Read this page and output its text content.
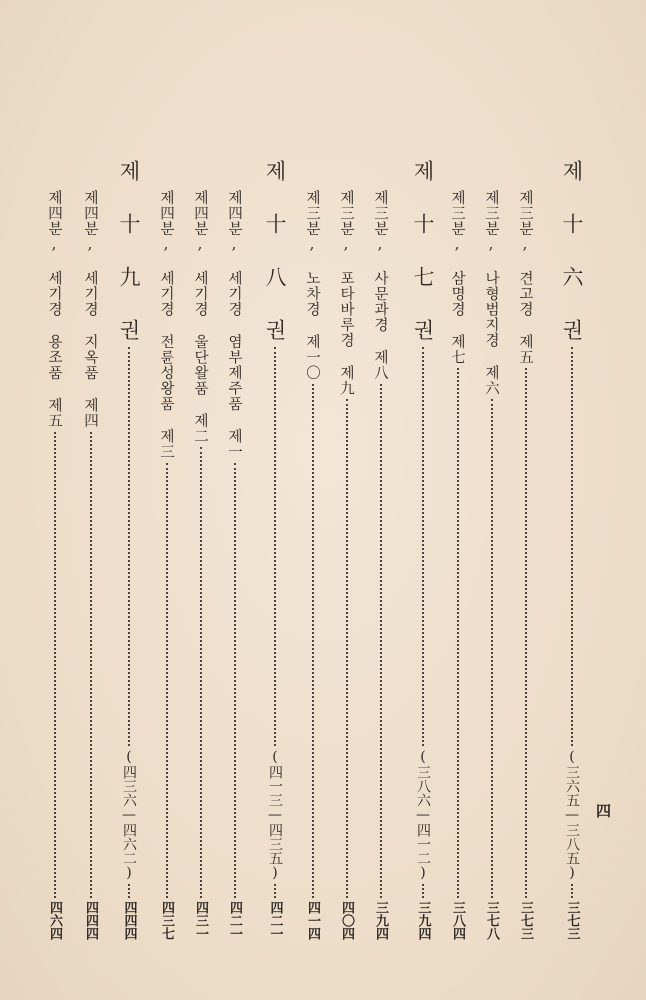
제 十 六 권
(三六五—三八五)
三七三
제三분, 견고경 제五
三七三
제三분, 나형범지경 제六
三七八
제三분, 삼명경 제七
三八四
제 十 七 권
(三八六—四一二)
三九四
제三분, 사문과경 제八
三九四
제三분, 포타바루경 제九
四〇四
제三분, 노차경 제一〇
四一四
제 十 八 권
(四一三—四三五)
四二一
제四분, 세기경 염부제주품 제一
四二一
제四분, 세기경 울단왈품 제二
四三一
제四분, 세기경 전륜성왕품 제三
四三七
제 十 九 권
(四三六—四六二)
四四四
제四분, 세기경 지옥품 제四
四四四
제四분, 세기경 용조품 제五
四六四
四
